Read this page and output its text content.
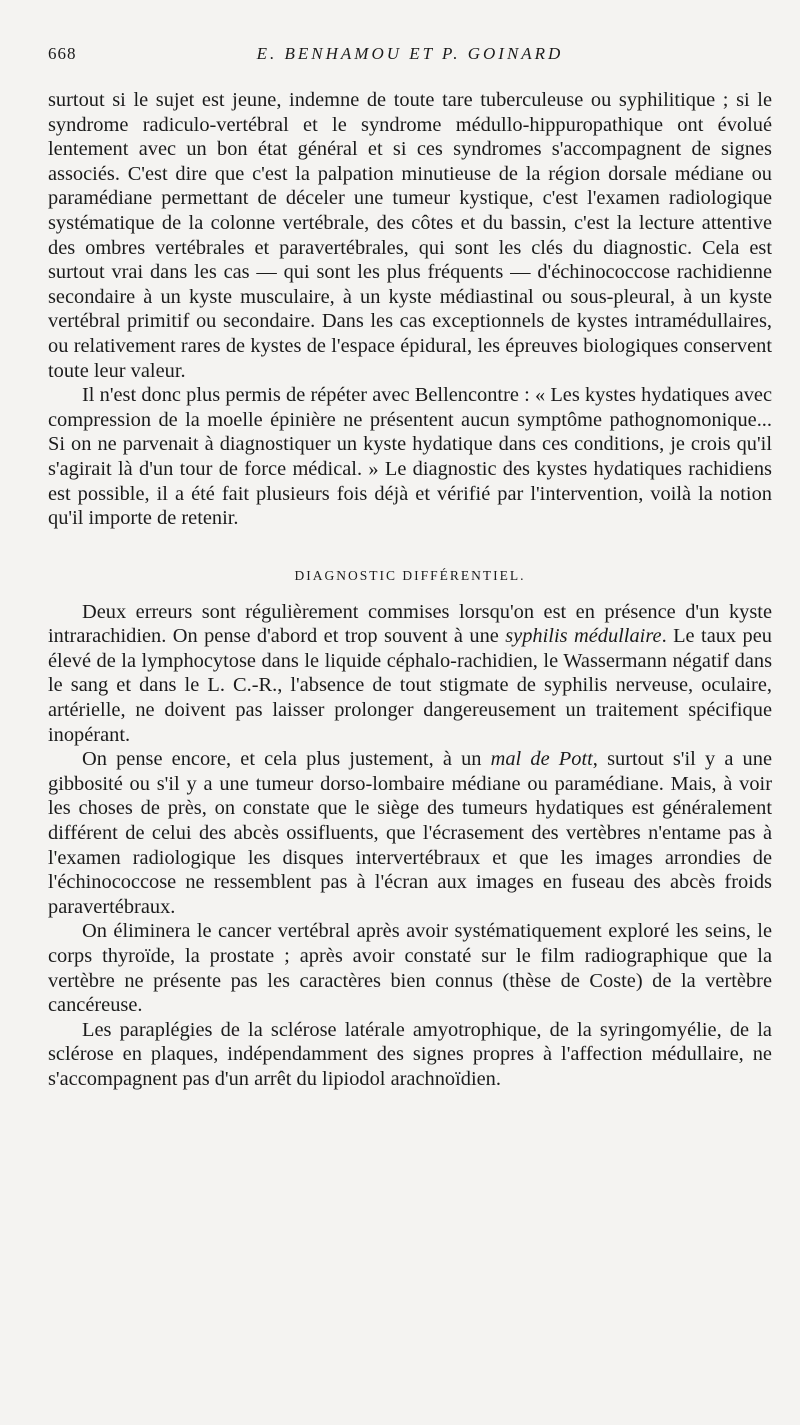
668	E. BENHAMOU ET P. GOINARD

surtout si le sujet est jeune, indemne de toute tare tuberculeuse ou syphilitique ; si le syndrome radiculo-vertébral et le syndrome médullo-hippuropathique ont évolué lentement avec un bon état général et si ces syndromes s'accompagnent de signes associés. C'est dire que c'est la palpation minutieuse de la région dorsale médiane ou paramédiane permettant de déceler une tumeur kystique, c'est l'examen radiologique systématique de la colonne vertébrale, des côtes et du bassin, c'est la lecture attentive des ombres vertébrales et paravertébrales, qui sont les clés du diagnostic. Cela est surtout vrai dans les cas — qui sont les plus fréquents — d'échinococcose rachidienne secondaire à un kyste musculaire, à un kyste médiastinal ou sous-pleural, à un kyste vertébral primitif ou secondaire. Dans les cas exceptionnels de kystes intramédullaires, ou relativement rares de kystes de l'espace épidural, les épreuves biologiques conservent toute leur valeur.

Il n'est donc plus permis de répéter avec Bellencontre : « Les kystes hydatiques avec compression de la moelle épinière ne présentent aucun symptôme pathognomonique... Si on ne parvenait à diagnostiquer un kyste hydatique dans ces conditions, je crois qu'il s'agirait là d'un tour de force médical. » Le diagnostic des kystes hydatiques rachidiens est possible, il a été fait plusieurs fois déjà et vérifié par l'intervention, voilà la notion qu'il importe de retenir.

DIAGNOSTIC DIFFÉRENTIEL.

Deux erreurs sont régulièrement commises lorsqu'on est en présence d'un kyste intrarachidien. On pense d'abord et trop souvent à une syphilis médullaire. Le taux peu élevé de la lymphocytose dans le liquide céphalo-rachidien, le Wassermann négatif dans le sang et dans le L. C.-R., l'absence de tout stigmate de syphilis nerveuse, oculaire, artérielle, ne doivent pas laisser prolonger dangereusement un traitement spécifique inopérant.

On pense encore, et cela plus justement, à un mal de Pott, surtout s'il y a une gibbosité ou s'il y a une tumeur dorso-lombaire médiane ou paramédiane. Mais, à voir les choses de près, on constate que le siège des tumeurs hydatiques est généralement différent de celui des abcès ossifluents, que l'écrasement des vertèbres n'entame pas à l'examen radiologique les disques intervertébraux et que les images arrondies de l'échinococcose ne ressemblent pas à l'écran aux images en fuseau des abcès froids paravertébraux.

On éliminera le cancer vertébral après avoir systématiquement exploré les seins, le corps thyroïde, la prostate ; après avoir constaté sur le film radiographique que la vertèbre ne présente pas les caractères bien connus (thèse de Coste) de la vertèbre cancéreuse.

Les paraplégies de la sclérose latérale amyotrophique, de la syringomyélie, de la sclérose en plaques, indépendamment des signes propres à l'affection médullaire, ne s'accompagnent pas d'un arrêt du lipiodol arachnoïdien.
